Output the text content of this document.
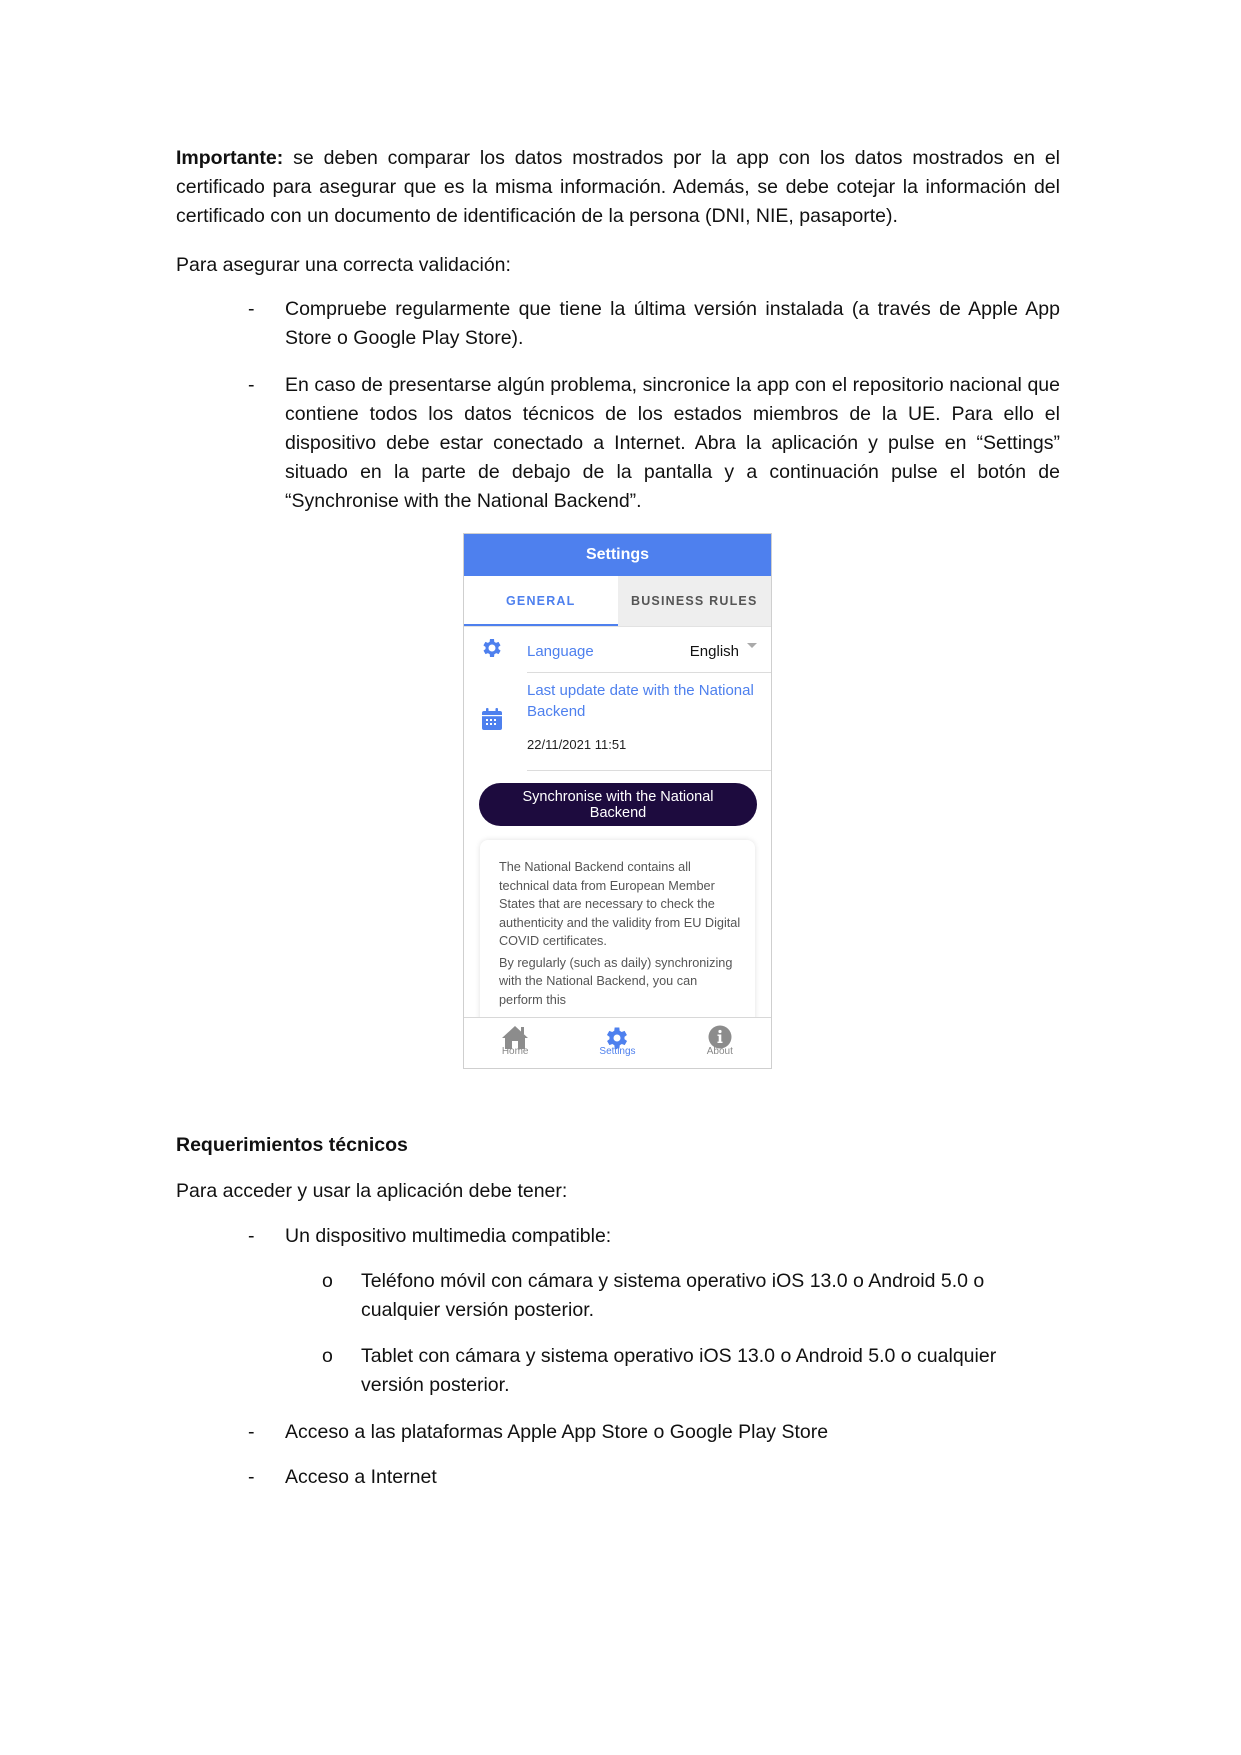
Importante: se deben comparar los datos mostrados por la app con los datos mostrados en el certificado para asegurar que es la misma información. Además, se debe cotejar la información del certificado con un documento de identificación de la persona (DNI, NIE, pasaporte).

Para asegurar una correcta validación:

-	Compruebe regularmente que tiene la última versión instalada (a través de Apple App Store o Google Play Store).

-	En caso de presentarse algún problema, sincronice la app con el repositorio nacional que contiene todos los datos técnicos de los estados miembros de la UE. Para ello el dispositivo debe estar conectado a Internet. Abra la aplicación y pulse en “Settings” situado en la parte de debajo de la pantalla y a continuación pulse el botón de “Synchronise with the National Backend”.

Settings
GENERAL	BUSINESS RULES
Language	English
Last update date with the National Backend
22/11/2021 11:51
Synchronise with the National Backend

The National Backend contains all technical data from European Member States that are necessary to check the authenticity and the validity from EU Digital COVID certificates.

By regularly (such as daily) synchronizing with the National Backend, you can perform this

Home	Settings	About

Requerimientos técnicos

Para acceder y usar la aplicación debe tener:

-	Un dispositivo multimedia compatible:

o Teléfono móvil con cámara y sistema operativo iOS 13.0 o Android 5.0 o cualquier versión posterior.

o Tablet con cámara y sistema operativo iOS 13.0 o Android 5.0 o cualquier versión posterior.

-	Acceso a las plataformas Apple App Store o Google Play Store

-	Acceso a Internet
